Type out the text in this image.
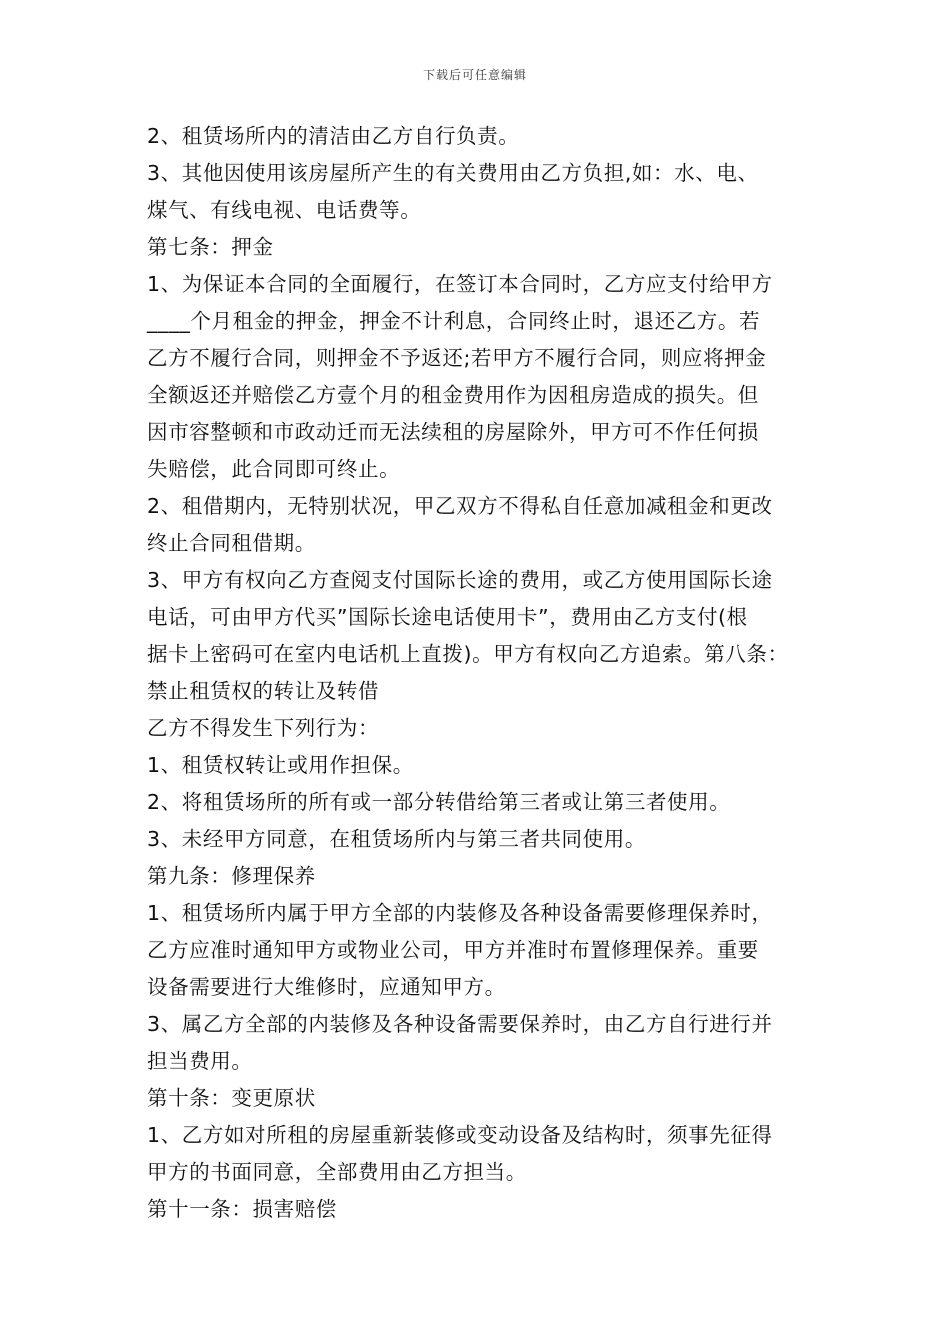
下载后可任意编辑
2、租赁场所内的清洁由乙方自行负责。
3、其他因使用该房屋所产生的有关费用由乙方负担,如：水、电、
煤气、有线电视、电话费等。
第七条：押金
1、为保证本合同的全面履行，在签订本合同时，乙方应支付给甲方
____个月租金的押金，押金不计利息，合同终止时，退还乙方。若
乙方不履行合同，则押金不予返还;若甲方不履行合同，则应将押金
全额返还并赔偿乙方壹个月的租金费用作为因租房造成的损失。但
因市容整顿和市政动迁而无法续租的房屋除外，甲方可不作任何损
失赔偿，此合同即可终止。
2、租借期内，无特别状况，甲乙双方不得私自任意加减租金和更改
终止合同租借期。
3、甲方有权向乙方查阅支付国际长途的费用，或乙方使用国际长途
电话，可由甲方代买”国际长途电话使用卡”，费用由乙方支付(根
据卡上密码可在室内电话机上直拨)。甲方有权向乙方追索。第八条：
禁止租赁权的转让及转借
乙方不得发生下列行为：
1、租赁权转让或用作担保。
2、将租赁场所的所有或一部分转借给第三者或让第三者使用。
3、未经甲方同意，在租赁场所内与第三者共同使用。
第九条：修理保养
1、租赁场所内属于甲方全部的内装修及各种设备需要修理保养时，
乙方应准时通知甲方或物业公司，甲方并准时布置修理保养。重要
设备需要进行大维修时，应通知甲方。
3、属乙方全部的内装修及各种设备需要保养时，由乙方自行进行并
担当费用。
第十条：变更原状
1、乙方如对所租的房屋重新装修或变动设备及结构时，须事先征得
甲方的书面同意，全部费用由乙方担当。
第十一条：损害赔偿
